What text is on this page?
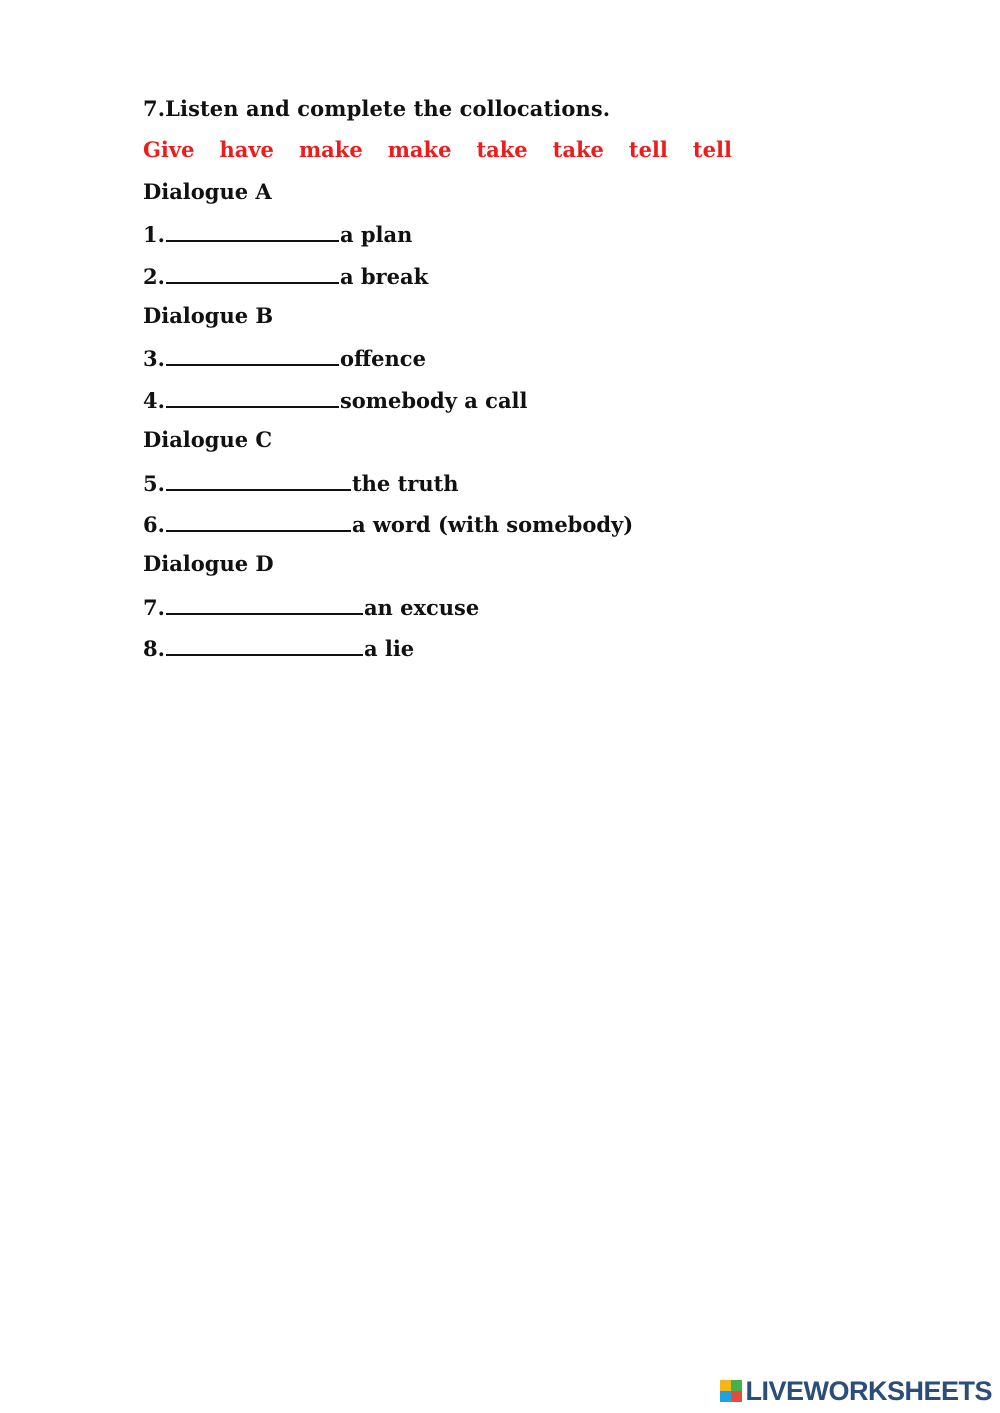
7.Listen and complete the collocations.
Give have make make take take tell tell
Dialogue A
1.	a plan
2.	a break
Dialogue B
3.	offence
4.	somebody a call
Dialogue C
5.	the truth
6.	a word (with somebody)
Dialogue D
7.	an excuse
8.	a lie
LIVEWORKSHEETS
